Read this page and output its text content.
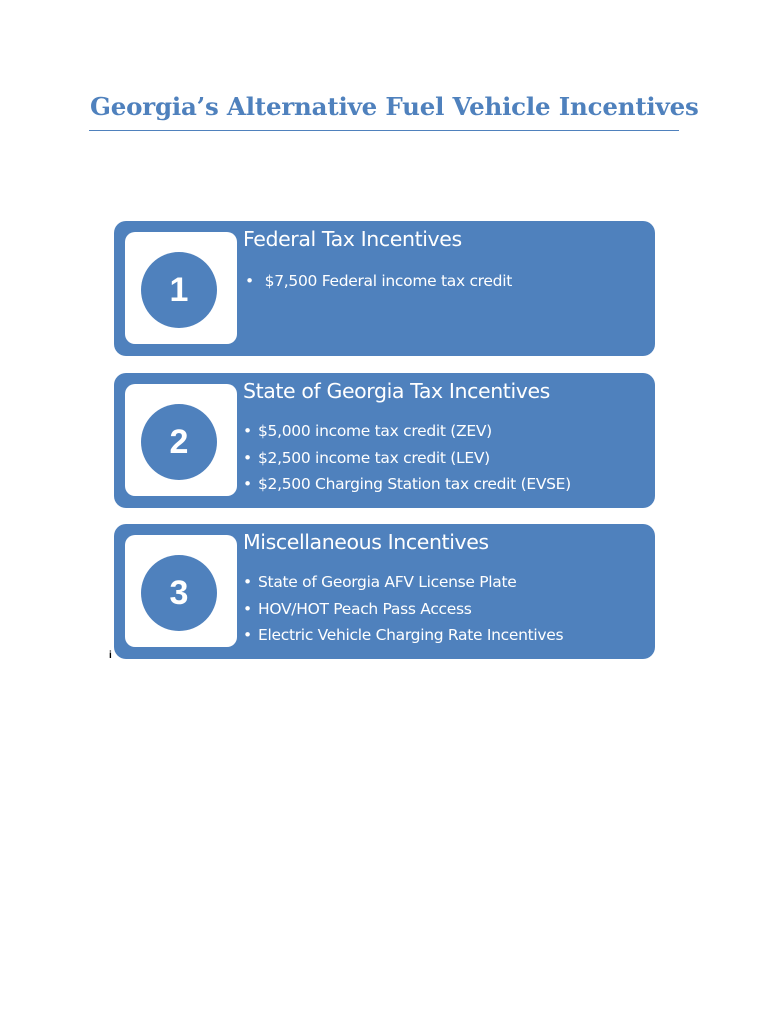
Georgia’s Alternative Fuel Vehicle Incentives
1
Federal Tax Incentives
• $7,500 Federal income tax credit
2
State of Georgia Tax Incentives
• $5,000 income tax credit (ZEV)
• $2,500 income tax credit (LEV)
• $2,500 Charging Station tax credit (EVSE)
3
Miscellaneous Incentives
• State of Georgia AFV License Plate
• HOV/HOT Peach Pass Access
• Electric Vehicle Charging Rate Incentives
i
